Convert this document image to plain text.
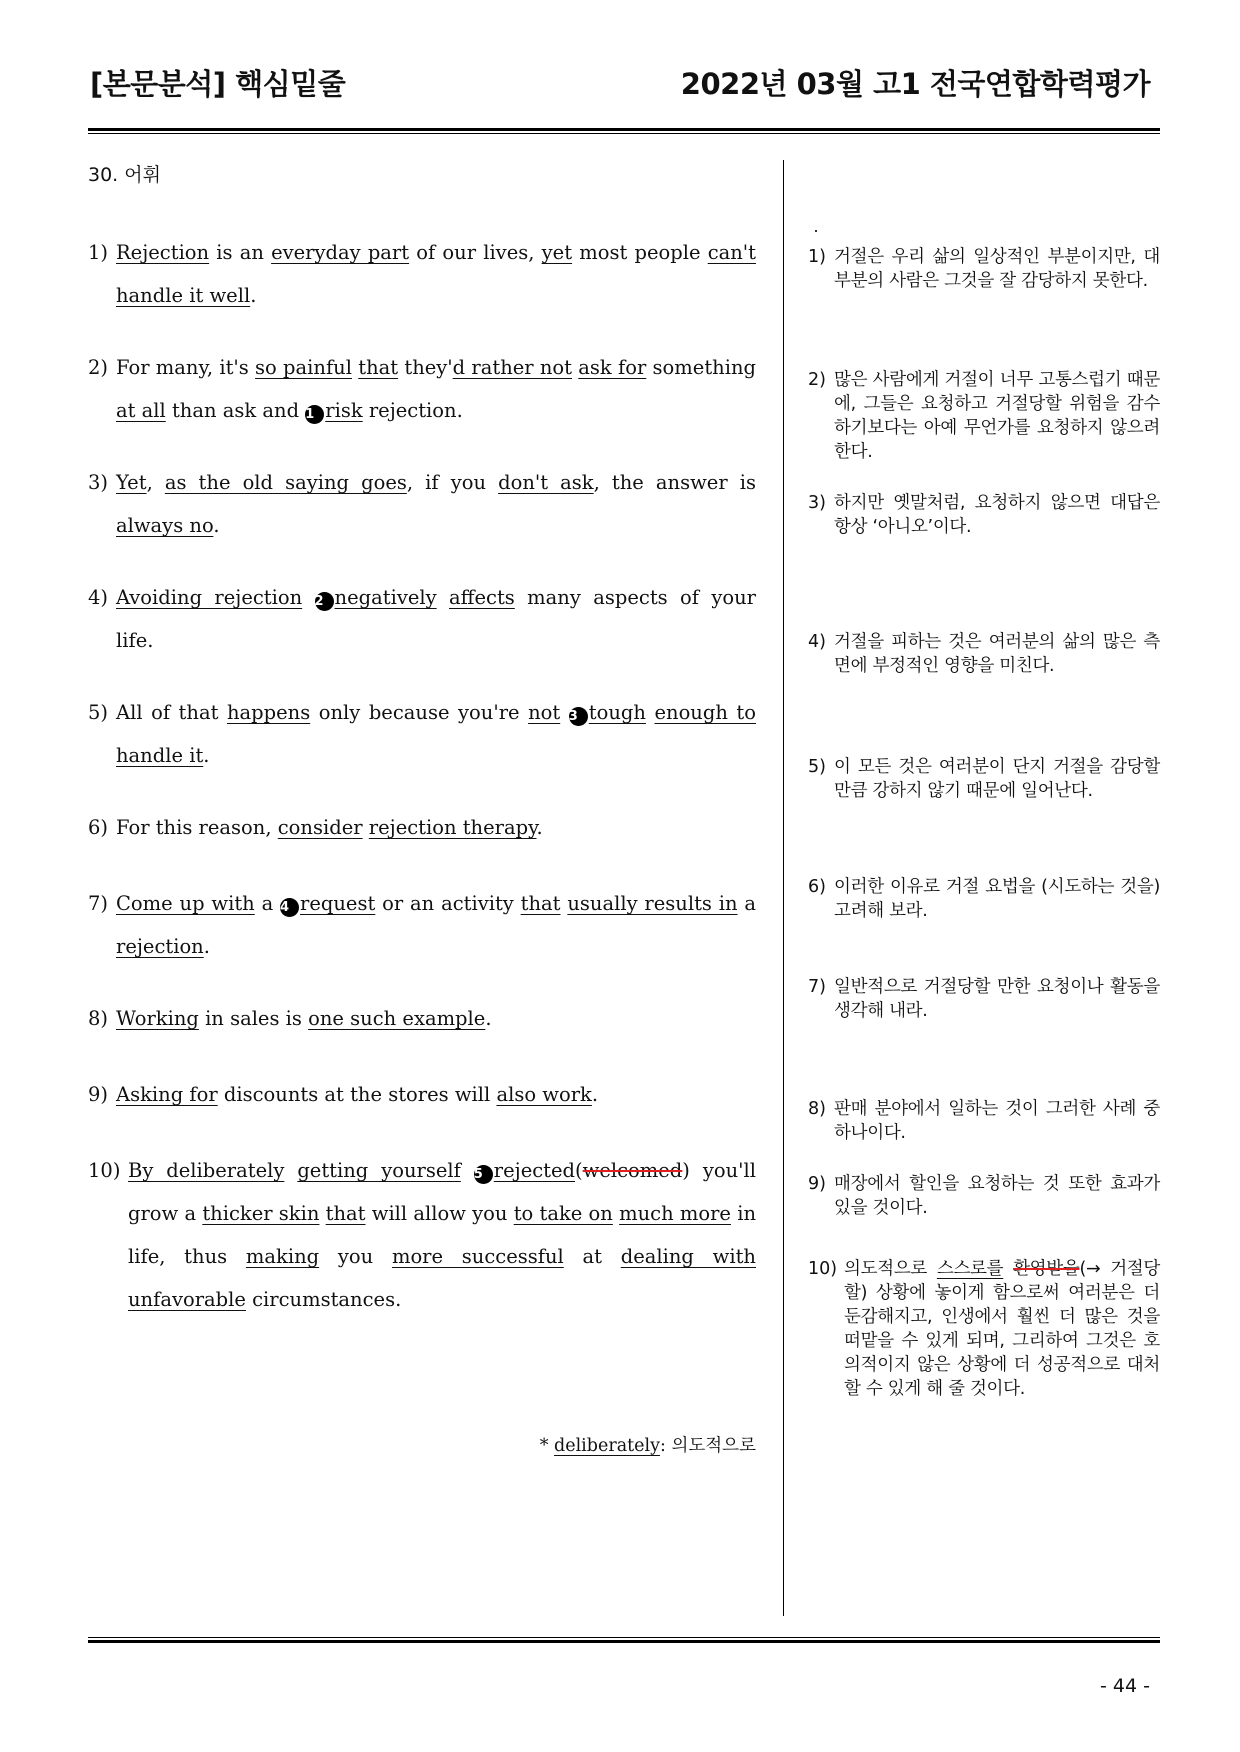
[본문분석] 핵심밑줄	2022년 03월 고1 전국연합학력평가
30. 어휘
1) Rejection is an everyday part of our lives, yet most people can't handle it well.
2) For many, it's so painful that they'd rather not ask for something at all than ask and 1 risk rejection.
3) Yet, as the old saying goes, if you don't ask, the answer is always no.
4) Avoiding rejection 2 negatively affects many aspects of your life.
5) All of that happens only because you're not 3 tough enough to handle it.
6) For this reason, consider rejection therapy.
7) Come up with a 4 request or an activity that usually results in a rejection.
8) Working in sales is one such example.
9) Asking for discounts at the stores will also work.
10) By deliberately getting yourself 5 rejected(welcomed) you'll grow a thicker skin that will allow you to take on much more in life, thus making you more successful at dealing with unfavorable circumstances.
* deliberately: 의도적으로
1) 거절은 우리 삶의 일상적인 부분이지만, 대부분의 사람은 그것을 잘 감당하지 못한다.
2) 많은 사람에게 거절이 너무 고통스럽기 때문에, 그들은 요청하고 거절당할 위험을 감수하기보다는 아예 무언가를 요청하지 않으려 한다.
3) 하지만 옛말처럼, 요청하지 않으면 대답은 항상 ‘아니오’이다.
4) 거절을 피하는 것은 여러분의 삶의 많은 측면에 부정적인 영향을 미친다.
5) 이 모든 것은 여러분이 단지 거절을 감당할 만큼 강하지 않기 때문에 일어난다.
6) 이러한 이유로 거절 요법을 (시도하는 것을) 고려해 보라.
7) 일반적으로 거절당할 만한 요청이나 활동을 생각해 내라.
8) 판매 분야에서 일하는 것이 그러한 사례 중 하나이다.
9) 매장에서 할인을 요청하는 것 또한 효과가 있을 것이다.
10) 의도적으로 스스로를 환영받을(→ 거절당할) 상황에 놓이게 함으로써 여러분은 더 둔감해지고, 인생에서 훨씬 더 많은 것을 떠맡을 수 있게 되며, 그리하여 그것은 호의적이지 않은 상황에 더 성공적으로 대처할 수 있게 해 줄 것이다.
- 44 -
